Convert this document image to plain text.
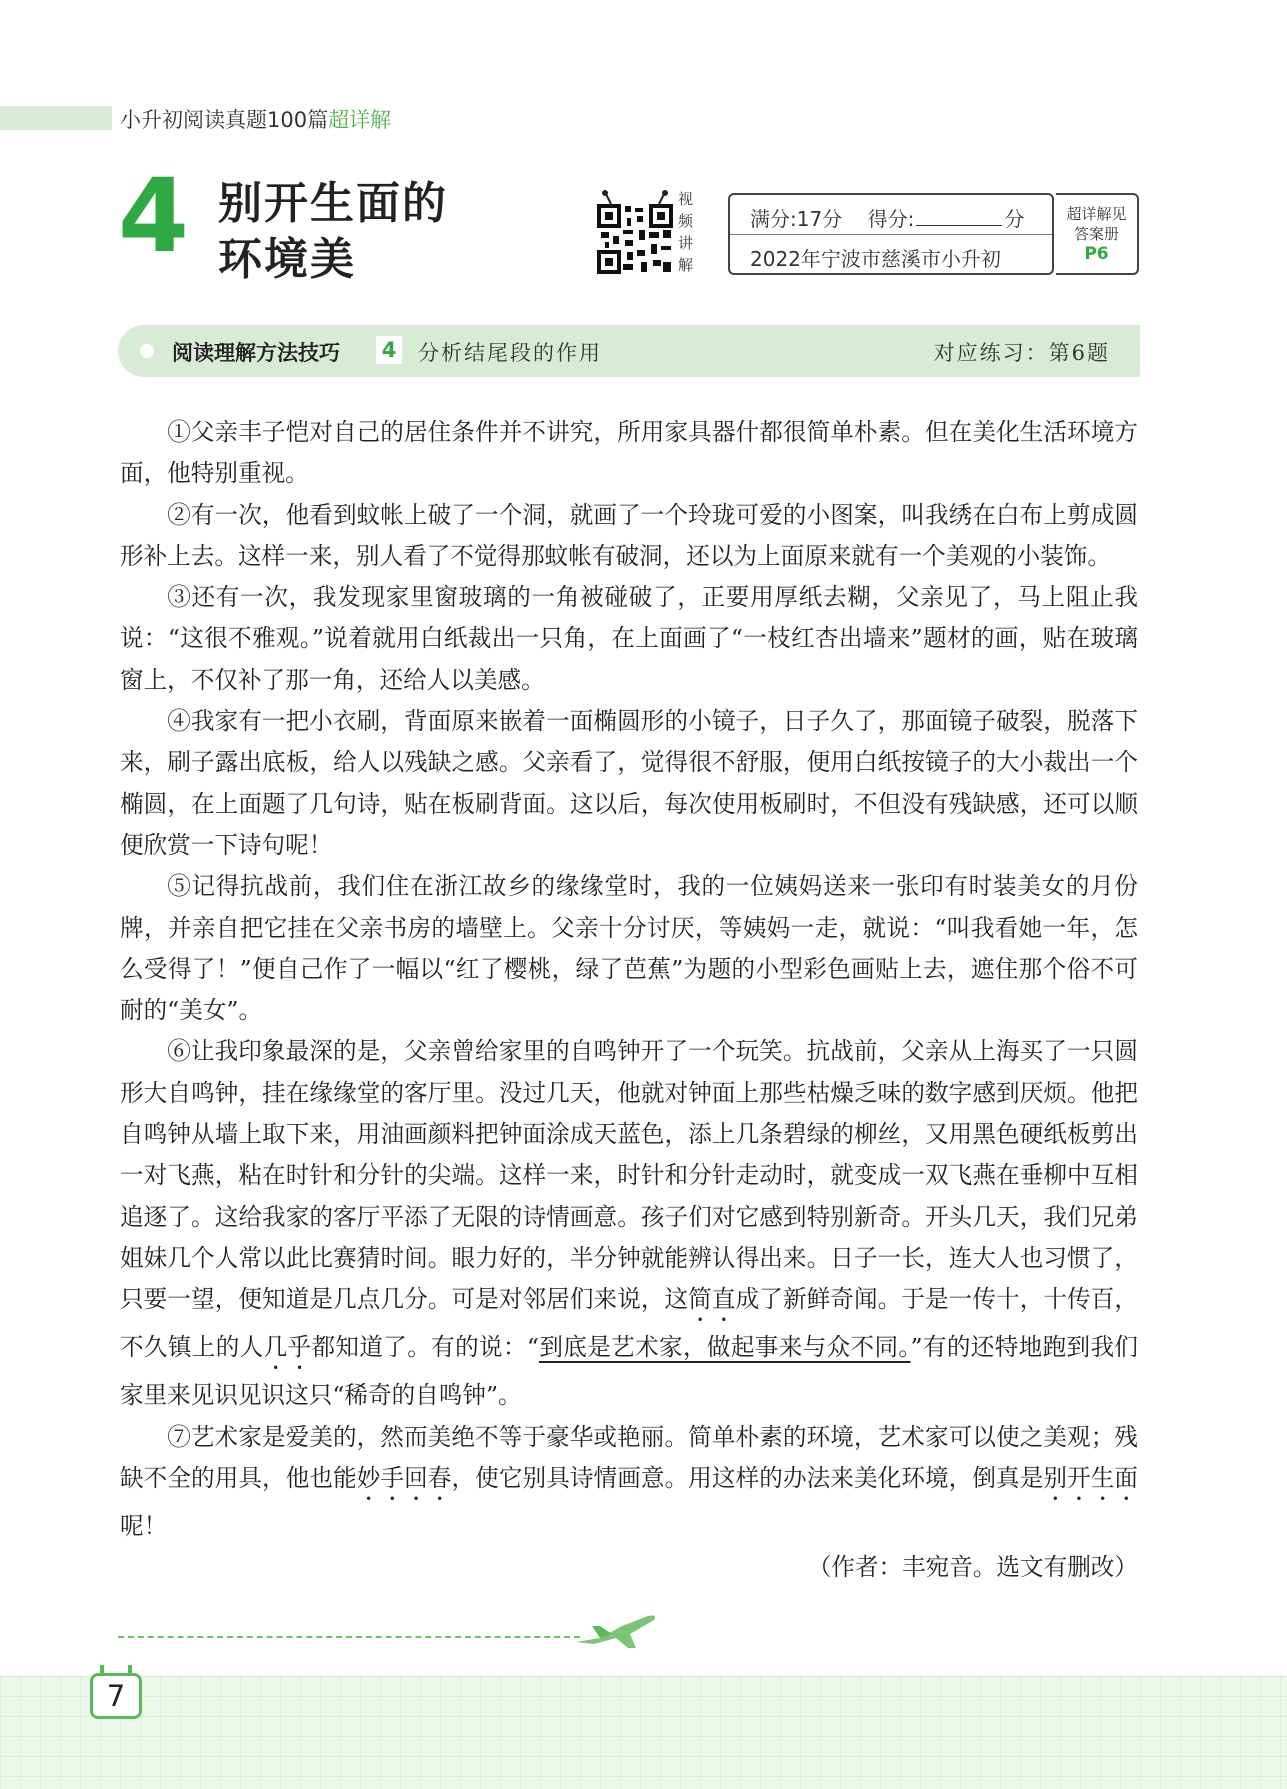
小升初阅读真题100篇超详解
4 别开生面的
环境美
视
频
讲
解
满分:17分 得分:	分
2022年宁波市慈溪市小升初
超详解见
答案册
P6
阅读理解方法技巧 4 分析结尾段的作用	对应练习：第6题

①父亲丰子恺对自己的居住条件并不讲究，所用家具器什都很简单朴素。但在美化生活环境方面，他特别重视。

②有一次，他看到蚊帐上破了一个洞，就画了一个玲珑可爱的小图案，叫我绣在白布上剪成圆形补上去。这样一来，别人看了不觉得那蚊帐有破洞，还以为上面原来就有一个美观的小装饰。

③还有一次，我发现家里窗玻璃的一角被碰破了，正要用厚纸去糊，父亲见了，马上阻止我说：“这很不雅观。”说着就用白纸裁出一只角，在上面画了“一枝红杏出墙来”题材的画，贴在玻璃窗上，不仅补了那一角，还给人以美感。

④我家有一把小衣刷，背面原来嵌着一面椭圆形的小镜子，日子久了，那面镜子破裂，脱落下来，刷子露出底板，给人以残缺之感。父亲看了，觉得很不舒服，便用白纸按镜子的大小裁出一个椭圆，在上面题了几句诗，贴在板刷背面。这以后，每次使用板刷时，不但没有残缺感，还可以顺便欣赏一下诗句呢！

⑤记得抗战前，我们住在浙江故乡的缘缘堂时，我的一位姨妈送来一张印有时装美女的月份牌，并亲自把它挂在父亲书房的墙壁上。父亲十分讨厌，等姨妈一走，就说：“叫我看她一年，怎么受得了！”便自己作了一幅以“红了樱桃，绿了芭蕉”为题的小型彩色画贴上去，遮住那个俗不可耐的“美女”。

⑥让我印象最深的是，父亲曾给家里的自鸣钟开了一个玩笑。抗战前，父亲从上海买了一只圆形大自鸣钟，挂在缘缘堂的客厅里。没过几天，他就对钟面上那些枯燥乏味的数字感到厌烦。他把自鸣钟从墙上取下来，用油画颜料把钟面涂成天蓝色，添上几条碧绿的柳丝，又用黑色硬纸板剪出一对飞燕，粘在时针和分针的尖端。这样一来，时针和分针走动时，就变成一双飞燕在垂柳中互相追逐了。这给我家的客厅平添了无限的诗情画意。孩子们对它感到特别新奇。开头几天，我们兄弟姐妹几个人常以此比赛猜时间。眼力好的，半分钟就能辨认得出来。日子一长，连大人也习惯了，只要一望，便知道是几点几分。可是对邻居们来说，这简直成了新鲜奇闻。于是一传十，十传百，不久镇上的人几乎都知道了。有的说：“到底是艺术家，做起事来与众不同。”有的还特地跑到我们家里来见识见识这只“稀奇的自鸣钟”。

⑦艺术家是爱美的，然而美绝不等于豪华或艳丽。简单朴素的环境，艺术家可以使之美观；残缺不全的用具，他也能妙手回春，使它别具诗情画意。用这样的办法来美化环境，倒真是别开生面呢！

（作者：丰宛音。选文有删改）

7
